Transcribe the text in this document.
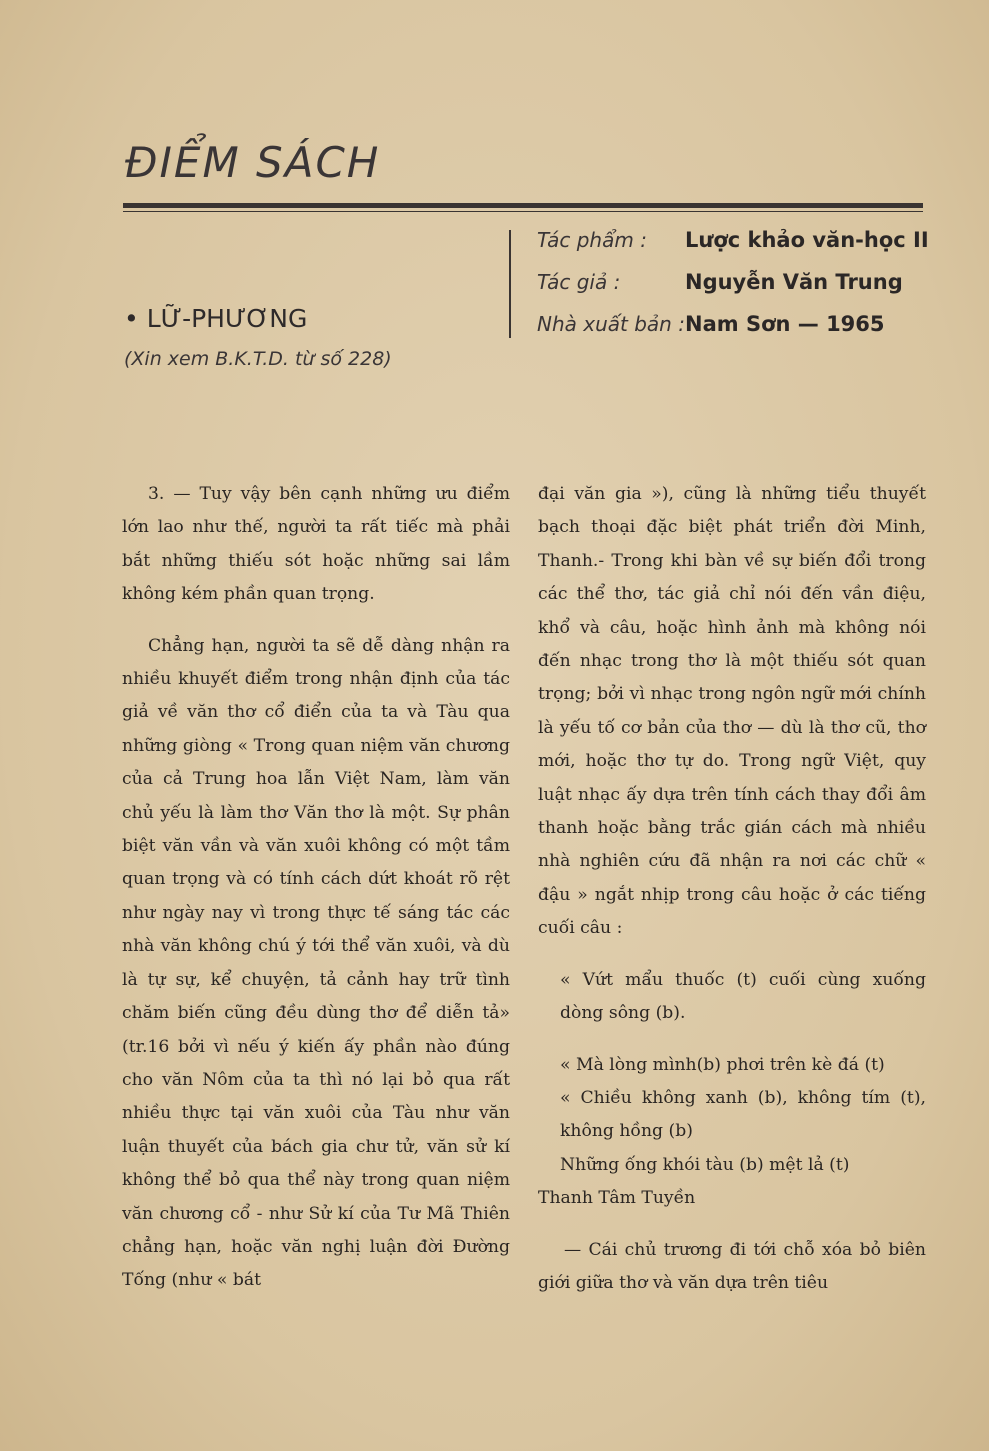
ĐIỂM SÁCH
Tác phẩm :	Lược khảo văn-học II
Tác giả :	Nguyễn Văn Trung
Nhà xuất bản : Nam Sơn — 1965
• LỮ-PHƯƠNG
(Xin xem B.K.T.D. từ số 228)

3. — Tuy vậy bên cạnh những ưu điểm lớn lao như thế, người ta rất tiếc mà phải bắt những thiếu sót hoặc những sai lầm không kém phần quan trọng.

Chẳng hạn, người ta sẽ dễ dàng nhận ra nhiều khuyết điểm trong nhận định của tác giả về văn thơ cổ điển của ta và Tàu qua những giòng « Trong quan niệm văn chương của cả Trung hoa lẫn Việt Nam, làm văn chủ yếu là làm thơ Văn thơ là một. Sự phân biệt văn vần và văn xuôi không có một tầm quan trọng và có tính cách dứt khoát rõ rệt như ngày nay vì trong thực tế sáng tác các nhà văn không chú ý tới thể văn xuôi, và dù là tự sự, kể chuyện, tả cảnh hay trữ tình chăm biến cũng đều dùng thơ để diễn tả» (tr.16 bởi vì nếu ý kiến ấy phần nào đúng cho văn Nôm của ta thì nó lại bỏ qua rất nhiều thực tại văn xuôi của Tàu như văn luận thuyết của bách gia chư tử, văn sử kí không thể bỏ qua thể này trong quan niệm văn chương cổ - như Sử kí của Tư Mã Thiên chẳng hạn, hoặc văn nghị luận đời Đường Tống (như « bát

đại văn gia »), cũng là những tiểu thuyết bạch thoại đặc biệt phát triển đời Minh, Thanh.- Trong khi bàn về sự biến đổi trong các thể thơ, tác giả chỉ nói đến vần điệu, khổ và câu, hoặc hình ảnh mà không nói đến nhạc trong thơ là một thiếu sót quan trọng; bởi vì nhạc trong ngôn ngữ mới chính là yếu tố cơ bản của thơ — dù là thơ cũ, thơ mới, hoặc thơ tự do. Trong ngữ Việt, quy luật nhạc ấy dựa trên tính cách thay đổi âm thanh hoặc bằng trắc gián cách mà nhiều nhà nghiên cứu đã nhận ra nơi các chữ « đậu » ngắt nhịp trong câu hoặc ở các tiếng cuối câu :

« Vứt mẩu thuốc (t) cuối cùng xuống dòng sông (b).

« Mà lòng mình(b) phơi trên kè đá (t)

« Chiều không xanh (b), không tím (t), không hồng (b)

Những ống khói tàu (b) mệt lả (t)

Thanh Tâm Tuyền

— Cái chủ trương đi tới chỗ xóa bỏ biên giới giữa thơ và văn dựa trên tiêu
